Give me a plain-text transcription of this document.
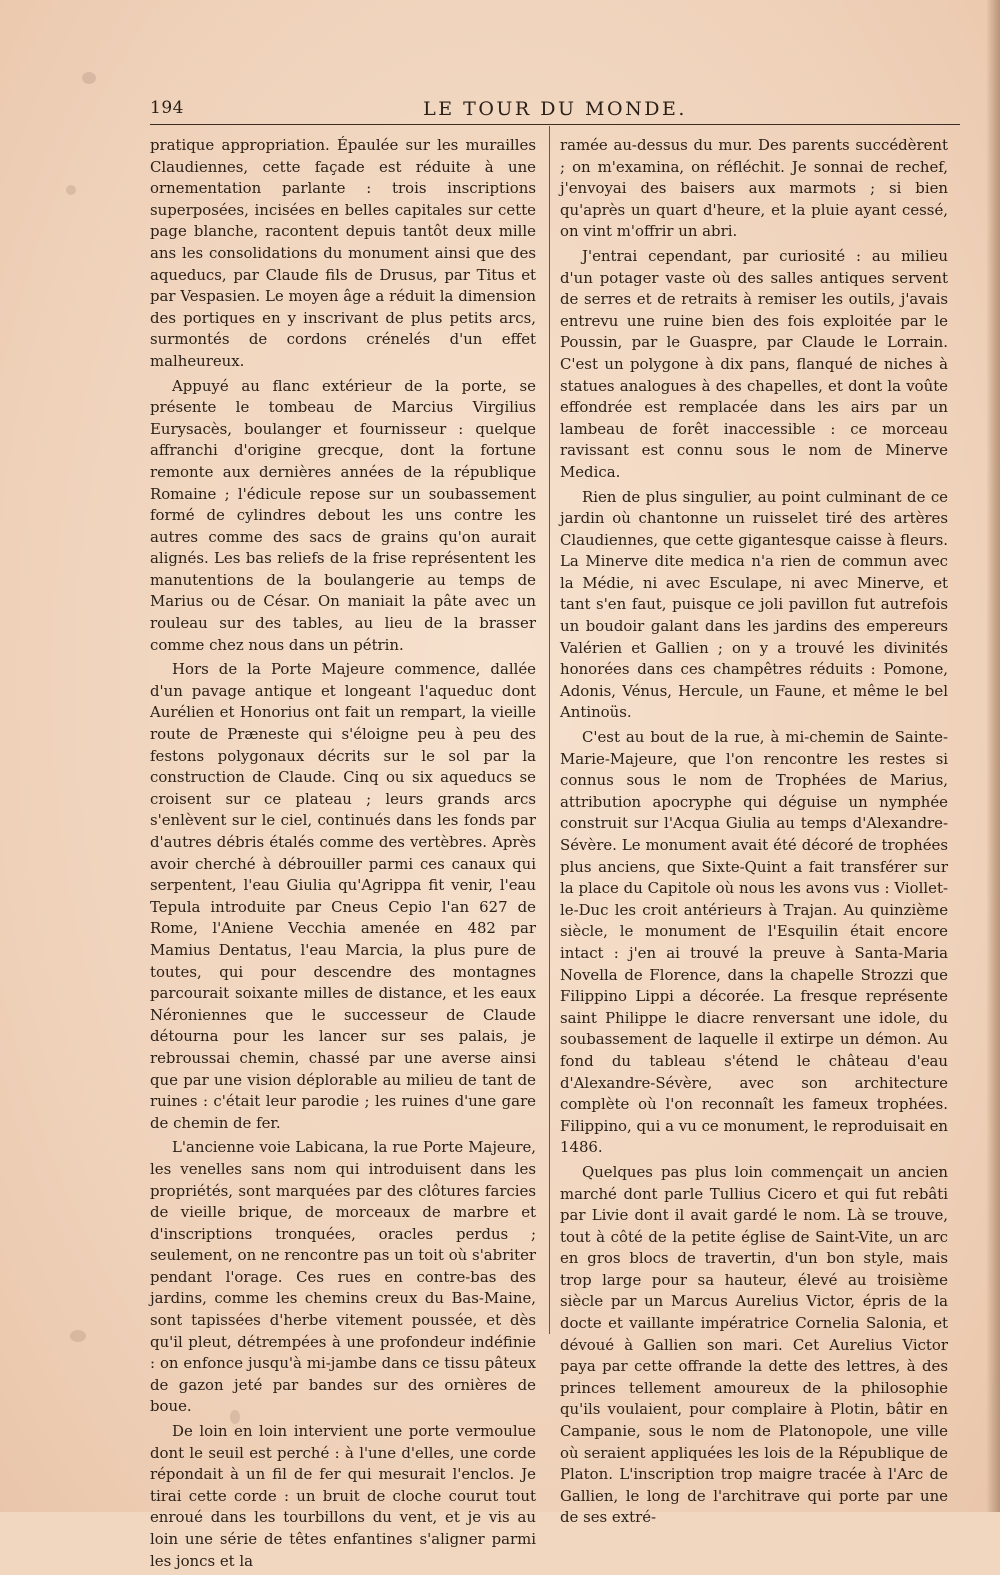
194	LE TOUR DU MONDE.

pratique appropriation. Épaulée sur les murailles Claudiennes, cette façade est réduite à une ornementation parlante : trois inscriptions superposées, incisées en belles capitales sur cette page blanche, racontent depuis tantôt deux mille ans les consolidations du monument ainsi que des aqueducs, par Claude fils de Drusus, par Titus et par Vespasien. Le moyen âge a réduit la dimension des portiques en y inscrivant de plus petits arcs, surmontés de cordons crénelés d'un effet malheureux.

Appuyé au flanc extérieur de la porte, se présente le tombeau de Marcius Virgilius Eurysacès, boulanger et fournisseur : quelque affranchi d'origine grecque, dont la fortune remonte aux dernières années de la république Romaine ; l'édicule repose sur un soubassement formé de cylindres debout les uns contre les autres comme des sacs de grains qu'on aurait alignés. Les bas reliefs de la frise représentent les manutentions de la boulangerie au temps de Marius ou de César. On maniait la pâte avec un rouleau sur des tables, au lieu de la brasser comme chez nous dans un pétrin.

Hors de la Porte Majeure commence, dallée d'un pavage antique et longeant l'aqueduc dont Aurélien et Honorius ont fait un rempart, la vieille route de Præneste qui s'éloigne peu à peu des festons polygonaux décrits sur le sol par la construction de Claude. Cinq ou six aqueducs se croisent sur ce plateau ; leurs grands arcs s'enlèvent sur le ciel, continués dans les fonds par d'autres débris étalés comme des vertèbres. Après avoir cherché à débrouiller parmi ces canaux qui serpentent, l'eau Giulia qu'Agrippa fit venir, l'eau Tepula introduite par Cneus Cepio l'an 627 de Rome, l'Aniene Vecchia amenée en 482 par Mamius Dentatus, l'eau Marcia, la plus pure de toutes, qui pour descendre des montagnes parcourait soixante milles de distance, et les eaux Néroniennes que le successeur de Claude détourna pour les lancer sur ses palais, je rebroussai chemin, chassé par une averse ainsi que par une vision déplorable au milieu de tant de ruines : c'était leur parodie ; les ruines d'une gare de chemin de fer.

L'ancienne voie Labicana, la rue Porte Majeure, les venelles sans nom qui introduisent dans les propriétés, sont marquées par des clôtures farcies de vieille brique, de morceaux de marbre et d'inscriptions tronquées, oracles perdus ; seulement, on ne rencontre pas un toit où s'abriter pendant l'orage. Ces rues en contre-bas des jardins, comme les chemins creux du Bas-Maine, sont tapissées d'herbe vitement poussée, et dès qu'il pleut, détrempées à une profondeur indéfinie : on enfonce jusqu'à mi-jambe dans ce tissu pâteux de gazon jeté par bandes sur des ornières de boue.

De loin en loin intervient une porte vermoulue dont le seuil est perché : à l'une d'elles, une corde répondait à un fil de fer qui mesurait l'enclos. Je tirai cette corde : un bruit de cloche courut tout enroué dans les tourbillons du vent, et je vis au loin une série de têtes enfantines s'aligner parmi les joncs et la

ramée au-dessus du mur. Des parents succédèrent ; on m'examina, on réfléchit. Je sonnai de rechef, j'envoyai des baisers aux marmots ; si bien qu'après un quart d'heure, et la pluie ayant cessé, on vint m'offrir un abri.

J'entrai cependant, par curiosité : au milieu d'un potager vaste où des salles antiques servent de serres et de retraits à remiser les outils, j'avais entrevu une ruine bien des fois exploitée par le Poussin, par le Guaspre, par Claude le Lorrain. C'est un polygone à dix pans, flanqué de niches à statues analogues à des chapelles, et dont la voûte effondrée est remplacée dans les airs par un lambeau de forêt inaccessible : ce morceau ravissant est connu sous le nom de Minerve Medica.

Rien de plus singulier, au point culminant de ce jardin où chantonne un ruisselet tiré des artères Claudiennes, que cette gigantesque caisse à fleurs. La Minerve dite medica n'a rien de commun avec la Médie, ni avec Esculape, ni avec Minerve, et tant s'en faut, puisque ce joli pavillon fut autrefois un boudoir galant dans les jardins des empereurs Valérien et Gallien ; on y a trouvé les divinités honorées dans ces champêtres réduits : Pomone, Adonis, Vénus, Hercule, un Faune, et même le bel Antinoüs.

C'est au bout de la rue, à mi-chemin de Sainte-Marie-Majeure, que l'on rencontre les restes si connus sous le nom de Trophées de Marius, attribution apocryphe qui déguise un nymphée construit sur l'Acqua Giulia au temps d'Alexandre-Sévère. Le monument avait été décoré de trophées plus anciens, que Sixte-Quint a fait transférer sur la place du Capitole où nous les avons vus : Viollet-le-Duc les croit antérieurs à Trajan. Au quinzième siècle, le monument de l'Esquilin était encore intact : j'en ai trouvé la preuve à Santa-Maria Novella de Florence, dans la chapelle Strozzi que Filippino Lippi a décorée. La fresque représente saint Philippe le diacre renversant une idole, du soubassement de laquelle il extirpe un démon. Au fond du tableau s'étend le château d'eau d'Alexandre-Sévère, avec son architecture complète où l'on reconnaît les fameux trophées. Filippino, qui a vu ce monument, le reproduisait en 1486.

Quelques pas plus loin commençait un ancien marché dont parle Tullius Cicero et qui fut rebâti par Livie dont il avait gardé le nom. Là se trouve, tout à côté de la petite église de Saint-Vite, un arc en gros blocs de travertin, d'un bon style, mais trop large pour sa hauteur, élevé au troisième siècle par un Marcus Aurelius Victor, épris de la docte et vaillante impératrice Cornelia Salonia, et dévoué à Gallien son mari. Cet Aurelius Victor paya par cette offrande la dette des lettres, à des princes tellement amoureux de la philosophie qu'ils voulaient, pour complaire à Plotin, bâtir en Campanie, sous le nom de Platonopole, une ville où seraient appliquées les lois de la République de Platon. L'inscription trop maigre tracée à l'Arc de Gallien, le long de l'architrave qui porte par une de ses extré-
